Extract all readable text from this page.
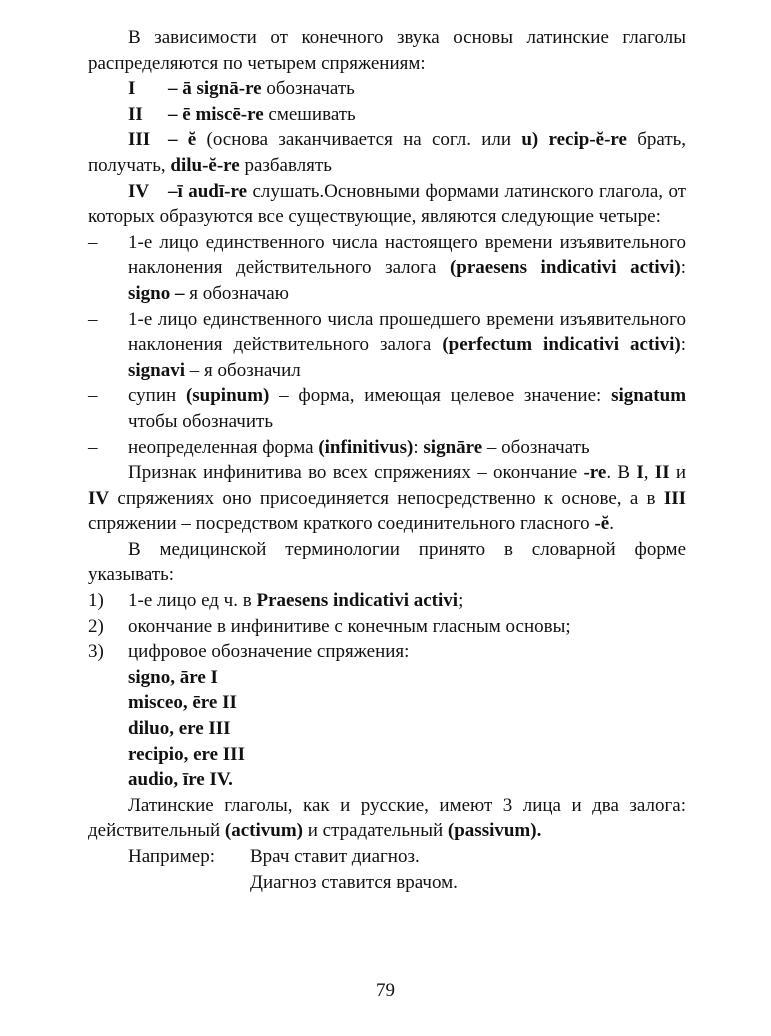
В зависимости от конечного звука основы латинские глаголы распределяются по четырем спряжениям:

I – ā signā-re обозначать

II – ē miscē-re смешивать

III – ĕ (основа заканчивается на согл. или u) recip-ĕ-re брать, получать, dilu-ĕ-re разбавлять

IV –ī audī-re слушать.Основными формами латинского глагола, от которых образуются все существующие, являются следующие четыре:

– 1-е лицо единственного числа настоящего времени изъявительного наклонения действительного залога (praesens indicativi activi): signo – я обозначаю

– 1-е лицо единственного числа прошедшего времени изъявительного наклонения действительного залога (perfectum indicativi activi): signavi – я обозначил

– супин (supinum) – форма, имеющая целевое значение: signatum чтобы обозначить

– неопределенная форма (infinitivus): signāre – обозначать

Признак инфинитива во всех спряжениях – окончание -re. В I, II и IV спряжениях оно присоединяется непосредственно к основе, а в III спряжении – посредством краткого соединительного гласного -ĕ.

В медицинской терминологии принято в словарной форме указывать:

1) 1-е лицо ед ч. в Praesens indicativi activi;

2) окончание в инфинитиве с конечным гласным основы;

3) цифровое обозначение спряжения:

signo, āre I
misceo, ēre II
diluo, ere III
recipio, ere III
audio, īre IV.

Латинские глаголы, как и русские, имеют 3 лица и два залога: действительный (activum) и страдательный (passivum).

Например: Врач ставит диагноз.

Диагноз ставится врачом.

79
